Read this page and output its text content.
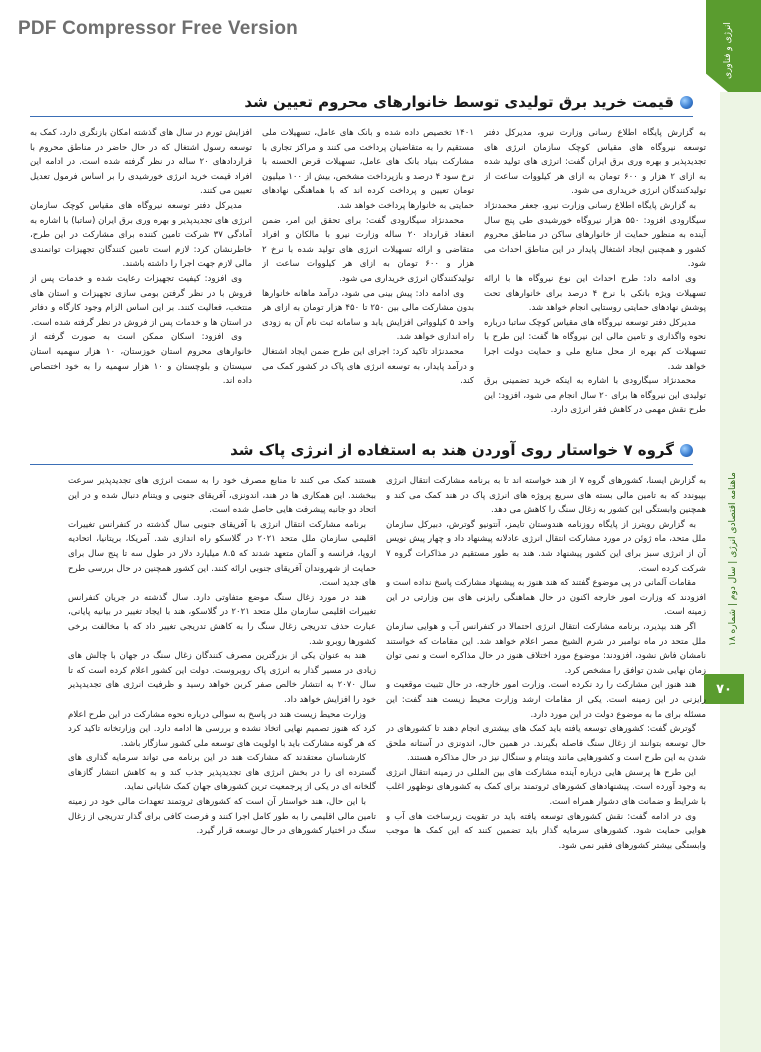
PDF Compressor Free Version	انرژی و فناوری
ماهنامه اقتصادی انرژی | سال دوم | شماره ۱۸
۷۰
قیمت خرید برق تولیدی توسط خانوارهای محروم تعیین شد

به گزارش پایگاه اطلاع رسانی وزارت نیرو، مدیرکل دفتر توسعه نیروگاه های مقیاس کوچک سازمان انرژی های تجدیدپذیر و بهره وری برق ایران گفت: انرژی های تولید شده به ازای ۲ هزار و ۶۰۰ تومان به ازای هر کیلووات ساعت از تولیدکنندگان انرژی خریداری می شود.

به گزارش پایگاه اطلاع رسانی وزارت نیرو، جعفر محمدنژاد سیگارودی افزود: ۵۵۰ هزار نیروگاه خورشیدی طی پنج سال آینده به منظور حمایت از خانوارهای ساکن در مناطق محروم کشور و همچنین ایجاد اشتغال پایدار در این مناطق احداث می شود.

وی ادامه داد: طرح احداث این نوع نیروگاه ها با ارائه تسهیلات ویژه بانکی با نرخ ۴ درصد برای خانوارهای تحت پوشش نهادهای حمایتی روستایی انجام خواهد شد.

مدیرکل دفتر توسعه نیروگاه های مقیاس کوچک ساتبا درباره نحوه واگذاری و تامین مالی این نیروگاه ها گفت: این طرح با تسهیلات کم بهره از محل منابع ملی و حمایت دولت اجرا خواهد شد.

محمدنژاد سیگارودی با اشاره به اینکه خرید تضمینی برق تولیدی این نیروگاه ها برای ۲۰ سال انجام می شود، افزود: این طرح نقش مهمی در کاهش فقر انرژی دارد.

۱۴۰۱ تخصیص داده شده و بانک های عامل، تسهیلات ملی مستقیم را به متقاضیان پرداخت می کنند و مراکز تجاری با مشارکت بنیاد بانک های عامل، تسهیلات قرض الحسنه با نرخ سود ۴ درصد و بازپرداخت مشخص، بیش از ۱۰۰ میلیون تومان تعیین و پرداخت کرده اند که با هماهنگی نهادهای حمایتی به خانوارها پرداخت خواهد شد.

محمدنژاد سیگارودی گفت: برای تحقق این امر، ضمن انعقاد قرارداد ۲۰ ساله وزارت نیرو با مالکان و افراد متقاضی و ارائه تسهیلات انرژی های تولید شده با نرخ ۲ هزار و ۶۰۰ تومان به ازای هر کیلووات ساعت از تولیدکنندگان انرژی خریداری می شود.

وی ادامه داد: پیش بینی می شود، درآمد ماهانه خانوارها بدون مشارکت مالی بین ۲۵۰ تا ۴۵۰ هزار تومان به ازای هر واحد ۵ کیلوواتی افزایش یابد و سامانه ثبت نام آن به زودی راه اندازی خواهد شد.

محمدنژاد تاکید کرد: اجرای این طرح ضمن ایجاد اشتغال و درآمد پایدار، به توسعه انرژی های پاک در کشور کمک می کند.

افزایش تورم در سال های گذشته امکان بازنگری دارد، کمک به توسعه رسول اشتغال که در حال حاضر در مناطق محروم با قراردادهای ۲۰ ساله در نظر گرفته شده است. در ادامه این افراد قیمت خرید انرژی خورشیدی را بر اساس فرمول تعدیل تعیین می کنند.

مدیرکل دفتر توسعه نیروگاه های مقیاس کوچک سازمان انرژی های تجدیدپذیر و بهره وری برق ایران (ساتبا) با اشاره به آمادگی ۳۷ شرکت تامین کننده برای مشارکت در این طرح، خاطرنشان کرد: لازم است تامین کنندگان تجهیزات توانمندی مالی لازم جهت اجرا را داشته باشند.

وی افزود: کیفیت تجهیزات رعایت شده و خدمات پس از فروش با در نظر گرفتن بومی سازی تجهیزات و استان های منتخب، فعالیت کنند. بر این اساس الزام وجود کارگاه و دفاتر در استان ها و خدمات پس از فروش در نظر گرفته شده است.

وی افزود: اسکان ممکن است به صورت گرفته از خانوارهای محروم استان خوزستان، ۱۰ هزار سهمیه استان سیستان و بلوچستان و ۱۰ هزار سهمیه را به خود اختصاص داده اند.

گروه ۷ خواستار روی آوردن هند به استفاده از انرژی پاک شد

به گزارش ایسنا، کشورهای گروه ۷ از هند خواسته اند تا به برنامه مشارکت انتقال انرژی بپیوندد که به تامین مالی بسته های سریع پروژه های انرژی پاک در هند کمک می کند و همچنین وابستگی این کشور به زغال سنگ را کاهش می دهد.

به گزارش رویترز از پایگاه روزنامه هندوستان تایمز، آنتونیو گوترش، دبیرکل سازمان ملل متحد، ماه ژوئن در مورد مشارکت انتقال انرژی عادلانه پیشنهاد داد و چهار پیش نویس آن از انرژی سبز برای این کشور پیشنهاد شد. هند به طور مستقیم در مذاکرات گروه ۷ شرکت کرده است.

مقامات آلمانی در پی موضوع گفتند که هند هنوز به پیشنهاد مشارکت پاسخ نداده است و افزودند که وزارت امور خارجه اکنون در حال هماهنگی رایزنی های بین وزارتی در این زمینه است.

اگر هند بپذیرد، برنامه مشارکت انتقال انرژی احتمالا در کنفرانس آب و هوایی سازمان ملل متحد در ماه نوامبر در شرم الشیخ مصر اعلام خواهد شد. این مقامات که خواستند نامشان فاش نشود، افزودند: موضوع مورد اختلاف هنوز در حال مذاکره است و نمی توان زمان نهایی شدن توافق را مشخص کرد.

هند هنوز این مشارکت را رد نکرده است. وزارت امور خارجه، در حال تثبیت موقعیت و رایزنی در این زمینه است. یکی از مقامات ارشد وزارت محیط زیست هند گفت: این مسئله برای ما به موضوع دولت در این مورد دارد.

گوترش گفت: کشورهای توسعه یافته باید کمک های بیشتری انجام دهند تا کشورهای در حال توسعه بتوانند از زغال سنگ فاصله بگیرند. در همین حال، اندونزی در آستانه ملحق شدن به این طرح است و کشورهایی مانند ویتنام و سنگال نیز در حال مذاکره هستند.

این طرح ها پرسش هایی درباره آینده مشارکت های بین المللی در زمینه انتقال انرژی به وجود آورده است. پیشنهادهای کشورهای ثروتمند برای کمک به کشورهای نوظهور اغلب با شرایط و ضمانت های دشوار همراه است.

وی در ادامه گفت: نقش کشورهای توسعه یافته باید در تقویت زیرساخت های آب و هوایی حمایت شود. کشورهای سرمایه گذار باید تضمین کنند که این کمک ها موجب وابستگی بیشتر کشورهای فقیر نمی شود.

هستند کمک می کنند تا منابع مصرف خود را به سمت انرژی های تجدیدپذیر سرعت ببخشند. این همکاری ها در هند، اندونزی، آفریقای جنوبی و ویتنام دنبال شده و در این اتحاد دو جانبه پیشرفت هایی حاصل شده است.

برنامه مشارکت انتقال انرژی با آفریقای جنوبی سال گذشته در کنفرانس تغییرات اقلیمی سازمان ملل متحد ۲۰۲۱ در گلاسکو راه اندازی شد. آمریکا، بریتانیا، اتحادیه اروپا، فرانسه و آلمان متعهد شدند که ۸.۵ میلیارد دلار در طول سه تا پنج سال برای حمایت از شهروندان آفریقای جنوبی ارائه کنند. این کشور همچنین در حال بررسی طرح های جدید است.

هند در مورد زغال سنگ موضع متفاوتی دارد. سال گذشته در جریان کنفرانس تغییرات اقلیمی سازمان ملل متحد ۲۰۲۱ در گلاسکو، هند با ایجاد تغییر در بیانیه پایانی، عبارت حذف تدریجی زغال سنگ را به کاهش تدریجی تغییر داد که با مخالفت برخی کشورها روبرو شد.

هند به عنوان یکی از بزرگترین مصرف کنندگان زغال سنگ در جهان با چالش های زیادی در مسیر گذار به انرژی پاک روبروست. دولت این کشور اعلام کرده است که تا سال ۲۰۷۰ به انتشار خالص صفر کربن خواهد رسید و ظرفیت انرژی های تجدیدپذیر خود را افزایش خواهد داد.

وزارت محیط زیست هند در پاسخ به سوالی درباره نحوه مشارکت در این طرح اعلام کرد که هنوز تصمیم نهایی اتخاذ نشده و بررسی ها ادامه دارد. این وزارتخانه تاکید کرد که هر گونه مشارکت باید با اولویت های توسعه ملی کشور سازگار باشد.

کارشناسان معتقدند که مشارکت هند در این برنامه می تواند سرمایه گذاری های گسترده ای را در بخش انرژی های تجدیدپذیر جذب کند و به کاهش انتشار گازهای گلخانه ای در یکی از پرجمعیت ترین کشورهای جهان کمک شایانی نماید.

با این حال، هند خواستار آن است که کشورهای ثروتمند تعهدات مالی خود در زمینه تامین مالی اقلیمی را به طور کامل اجرا کنند و فرصت کافی برای گذار تدریجی از زغال سنگ در اختیار کشورهای در حال توسعه قرار گیرد.
